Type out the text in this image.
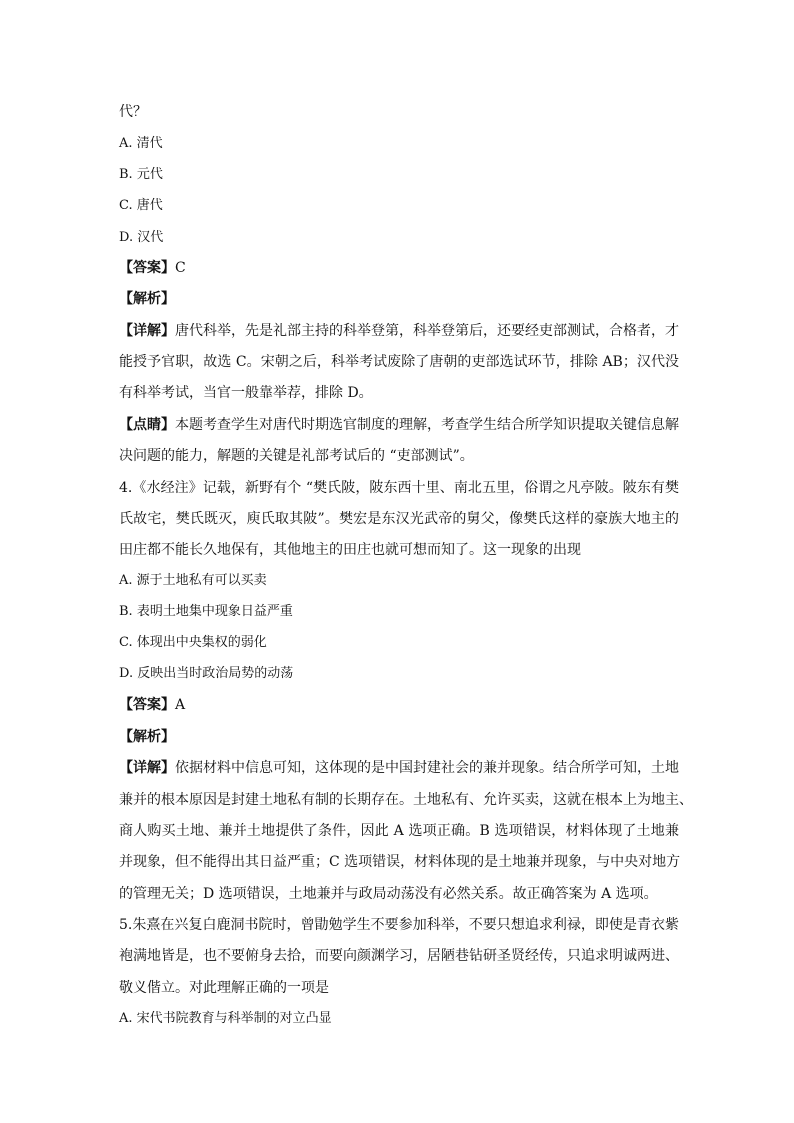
代？
A. 清代
B. 元代
C. 唐代
D. 汉代
【答案】C
【解析】
【详解】唐代科举，先是礼部主持的科举登第，科举登第后，还要经吏部测试，合格者，才
能授予官职，故选 C。宋朝之后，科举考试废除了唐朝的吏部选试环节，排除 AB；汉代没
有科举考试，当官一般靠举荐，排除 D。
【点睛】本题考查学生对唐代时期选官制度的理解，考查学生结合所学知识提取关键信息解
决问题的能力，解题的关键是礼部考试后的 “吏部测试”。
4.《水经注》记载，新野有个 “樊氏陂，陂东西十里、南北五里，俗谓之凡亭陂。陂东有樊
氏故宅，樊氏既灭，庾氏取其陂”。樊宏是东汉光武帝的舅父，像樊氏这样的豪族大地主的
田庄都不能长久地保有，其他地主的田庄也就可想而知了。这一现象的出现
A. 源于土地私有可以买卖
B. 表明土地集中现象日益严重
C. 体现出中央集权的弱化
D. 反映出当时政治局势的动荡
【答案】A
【解析】
【详解】依据材料中信息可知，这体现的是中国封建社会的兼并现象。结合所学可知，土地
兼并的根本原因是封建土地私有制的长期存在。土地私有、允许买卖，这就在根本上为地主、
商人购买土地、兼并土地提供了条件，因此 A 选项正确。B 选项错误，材料体现了土地兼
并现象，但不能得出其日益严重；C 选项错误，材料体现的是土地兼并现象，与中央对地方
的管理无关；D 选项错误，土地兼并与政局动荡没有必然关系。故正确答案为 A 选项。
5.朱熹在兴复白鹿洞书院时，曾勖勉学生不要参加科举，不要只想追求利禄，即使是青衣紫
袍满地皆是，也不要俯身去拾，而要向颜渊学习，居陋巷钻研圣贤经传，只追求明诚两进、
敬义偕立。对此理解正确的一项是
A. 宋代书院教育与科举制的对立凸显
